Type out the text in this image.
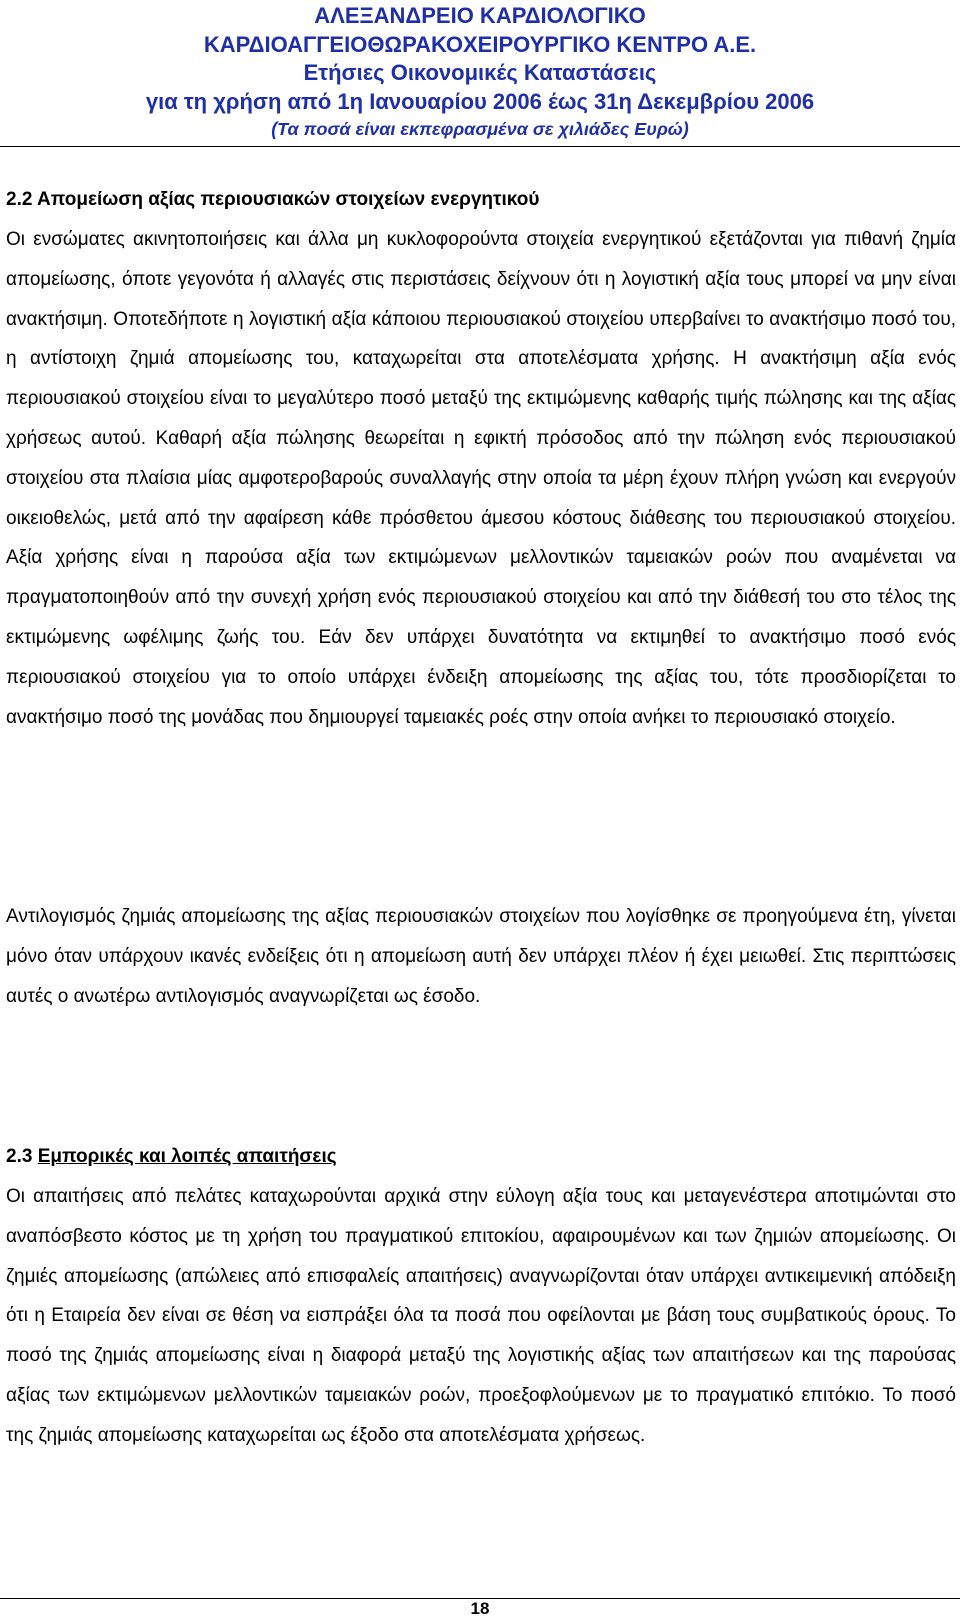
ΑΛΕΞΑΝΔΡΕΙΟ ΚΑΡΔΙΟΛΟΓΙΚΟ
ΚΑΡΔΙΟΑΓΓΕΙΟΘΩΡΑΚΟΧΕΙΡΟΥΡΓΙΚΟ ΚΕΝΤΡΟ Α.Ε.
Ετήσιες Οικονομικές Καταστάσεις
για τη χρήση από 1η Ιανουαρίου 2006 έως 31η Δεκεμβρίου 2006
(Τα ποσά είναι εκπεφρασμένα σε χιλιάδες Ευρώ)
2.2 Απομείωση αξίας περιουσιακών στοιχείων ενεργητικού

Οι ενσώματες ακινητοποιήσεις και άλλα μη κυκλοφορούντα στοιχεία ενεργητικού εξετάζονται για πιθανή ζημία απομείωσης, όποτε γεγονότα ή αλλαγές στις περιστάσεις δείχνουν ότι η λογιστική αξία τους μπορεί να μην είναι ανακτήσιμη. Οποτεδήποτε η λογιστική αξία κάποιου περιουσιακού στοιχείου υπερβαίνει το ανακτήσιμο ποσό του, η αντίστοιχη ζημιά απομείωσης του, καταχωρείται στα αποτελέσματα χρήσης. Η ανακτήσιμη αξία ενός περιουσιακού στοιχείου είναι το μεγαλύτερο ποσό μεταξύ της εκτιμώμενης καθαρής τιμής πώλησης και της αξίας χρήσεως αυτού. Καθαρή αξία πώλησης θεωρείται η εφικτή πρόσοδος από την πώληση ενός περιουσιακού στοιχείου στα πλαίσια μίας αμφοτεροβαρούς συναλλαγής στην οποία τα μέρη έχουν πλήρη γνώση και ενεργούν οικειοθελώς, μετά από την αφαίρεση κάθε πρόσθετου άμεσου κόστους διάθεσης του περιουσιακού στοιχείου. Αξία χρήσης είναι η παρούσα αξία των εκτιμώμενων μελλοντικών ταμειακών ροών που αναμένεται να πραγματοποιηθούν από την συνεχή χρήση ενός περιουσιακού στοιχείου και από την διάθεσή του στο τέλος της εκτιμώμενης ωφέλιμης ζωής του. Εάν δεν υπάρχει δυνατότητα να εκτιμηθεί το ανακτήσιμο ποσό ενός περιουσιακού στοιχείου για το οποίο υπάρχει ένδειξη απομείωσης της αξίας του, τότε προσδιορίζεται το ανακτήσιμο ποσό της μονάδας που δημιουργεί ταμειακές ροές στην οποία ανήκει το περιουσιακό στοιχείο.

Αντιλογισμός ζημιάς απομείωσης της αξίας περιουσιακών στοιχείων που λογίσθηκε σε προηγούμενα έτη, γίνεται μόνο όταν υπάρχουν ικανές ενδείξεις ότι η απομείωση αυτή δεν υπάρχει πλέον ή έχει μειωθεί. Στις περιπτώσεις αυτές ο ανωτέρω αντιλογισμός αναγνωρίζεται ως έσοδο.

2.3 Εμπορικές και λοιπές απαιτήσεις

Οι απαιτήσεις από πελάτες καταχωρούνται αρχικά στην εύλογη αξία τους και μεταγενέστερα αποτιμώνται στο αναπόσβεστο κόστος με τη χρήση του πραγματικού επιτοκίου, αφαιρουμένων και των ζημιών απομείωσης. Οι ζημιές απομείωσης (απώλειες από επισφαλείς απαιτήσεις) αναγνωρίζονται όταν υπάρχει αντικειμενική απόδειξη ότι η Εταιρεία δεν είναι σε θέση να εισπράξει όλα τα ποσά που οφείλονται με βάση τους συμβατικούς όρους. Το ποσό της ζημιάς απομείωσης είναι η διαφορά μεταξύ της λογιστικής αξίας των απαιτήσεων και της παρούσας αξίας των εκτιμώμενων μελλοντικών ταμειακών ροών, προεξοφλούμενων με το πραγματικό επιτόκιο. Το ποσό της ζημιάς απομείωσης καταχωρείται ως έξοδο στα αποτελέσματα χρήσεως.

18
